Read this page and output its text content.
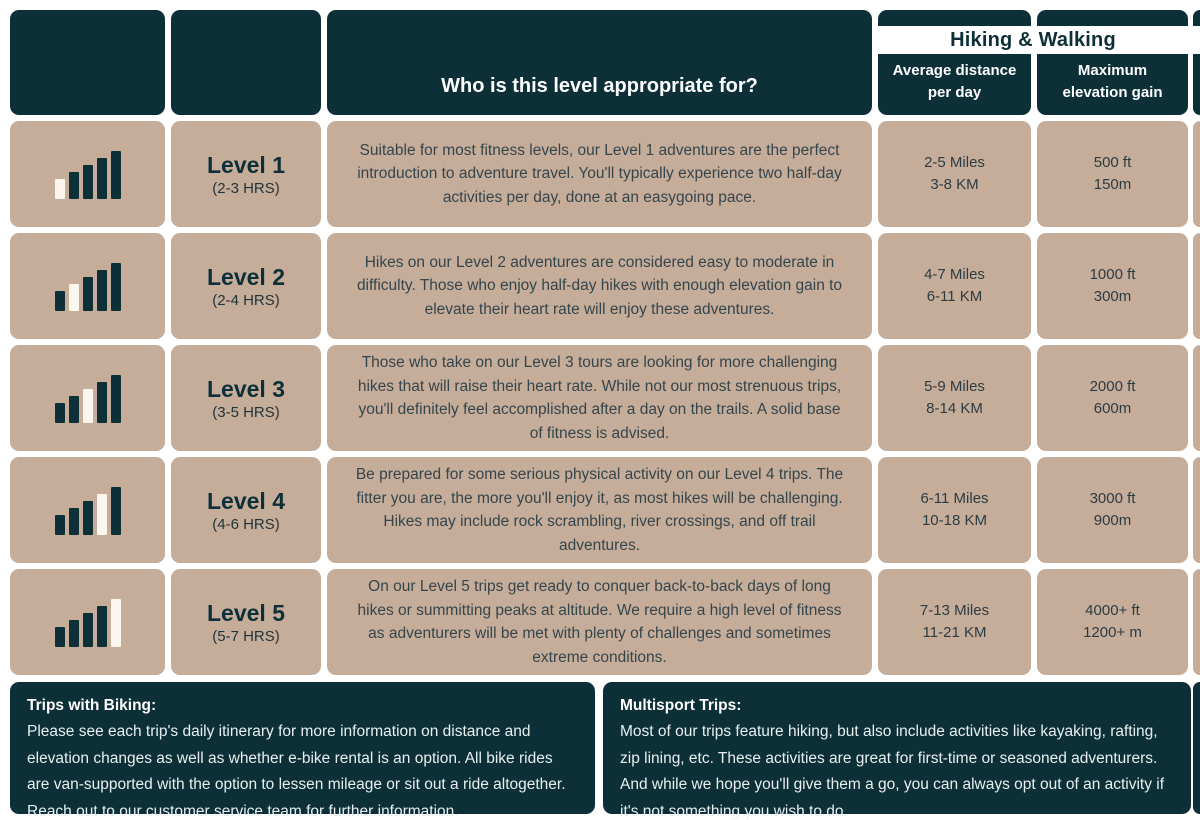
Who is this level appropriate for?
Average distance
per day
Maximum
elevation gain
Level 1
(2-3 HRS)
Suitable for most fitness levels, our Level 1 adventures are the perfect introduction to adventure travel. You'll typically experience two half-day activities per day, done at an easygoing pace.
2-5 Miles
3-8 KM
500 ft
150m
Level 2
(2-4 HRS)
Hikes on our Level 2 adventures are considered easy to moderate in difficulty. Those who enjoy half-day hikes with enough elevation gain to elevate their heart rate will enjoy these adventures.
4-7 Miles
6-11 KM
1000 ft
300m
Level 3
(3-5 HRS)
Those who take on our Level 3 tours are looking for more challenging hikes that will raise their heart rate. While not our most strenuous trips, you'll definitely feel accomplished after a day on the trails. A solid base of fitness is advised.
5-9 Miles
8-14 KM
2000 ft
600m
Level 4
(4-6 HRS)
Be prepared for some serious physical activity on our Level 4 trips. The fitter you are, the more you'll enjoy it, as most hikes will be challenging. Hikes may include rock scrambling, river crossings, and off trail adventures.
6-11 Miles
10-18 KM
3000 ft
900m
Level 5
(5-7 HRS)
On our Level 5 trips get ready to conquer back-to-back days of long hikes or summitting peaks at altitude. We require a high level of fitness as adventurers will be met with plenty of challenges and sometimes extreme conditions.
7-13 Miles
11-21 KM
4000+ ft
1200+ m
Hiking & Walking
Trips with Biking:
Please see each trip's daily itinerary for more information on distance and elevation changes as well as whether e-bike rental is an option. All bike rides are van-supported with the option to lessen mileage or sit out a ride altogether. Reach out to our customer service team for further information.
Multisport Trips:
Most of our trips feature hiking, but also include activities like kayaking, rafting, zip lining, etc. These activities are great for first-time or seasoned adventurers. And while we hope you'll give them a go, you can always opt out of an activity if it's not something you wish to do.
